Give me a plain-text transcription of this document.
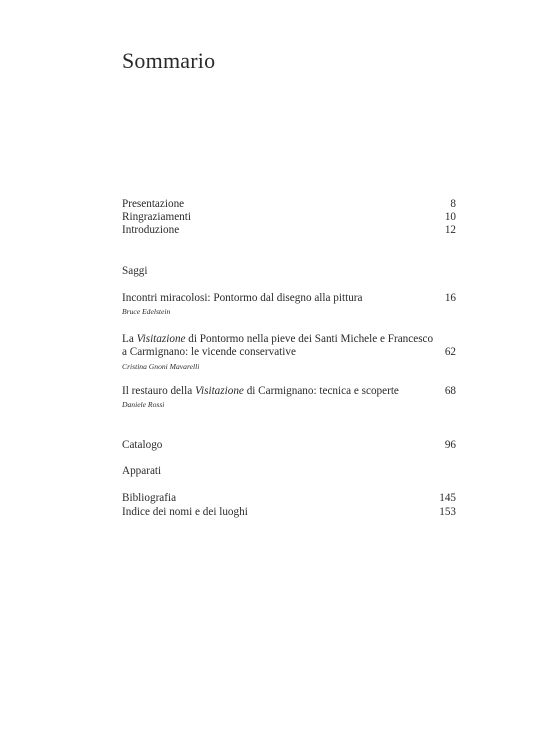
Sommario
Presentazione	8
Ringraziamenti	10
Introduzione	12
Saggi
Incontri miracolosi: Pontormo dal disegno alla pittura	16
Bruce Edelstein
La Visitazione di Pontormo nella pieve dei Santi Michele e Francesco
a Carmignano: le vicende conservative	62
Cristina Gnoni Mavarelli
Il restauro della Visitazione di Carmignano: tecnica e scoperte	68
Daniele Rossi
Catalogo	96
Apparati
Bibliografia	145
Indice dei nomi e dei luoghi	153
